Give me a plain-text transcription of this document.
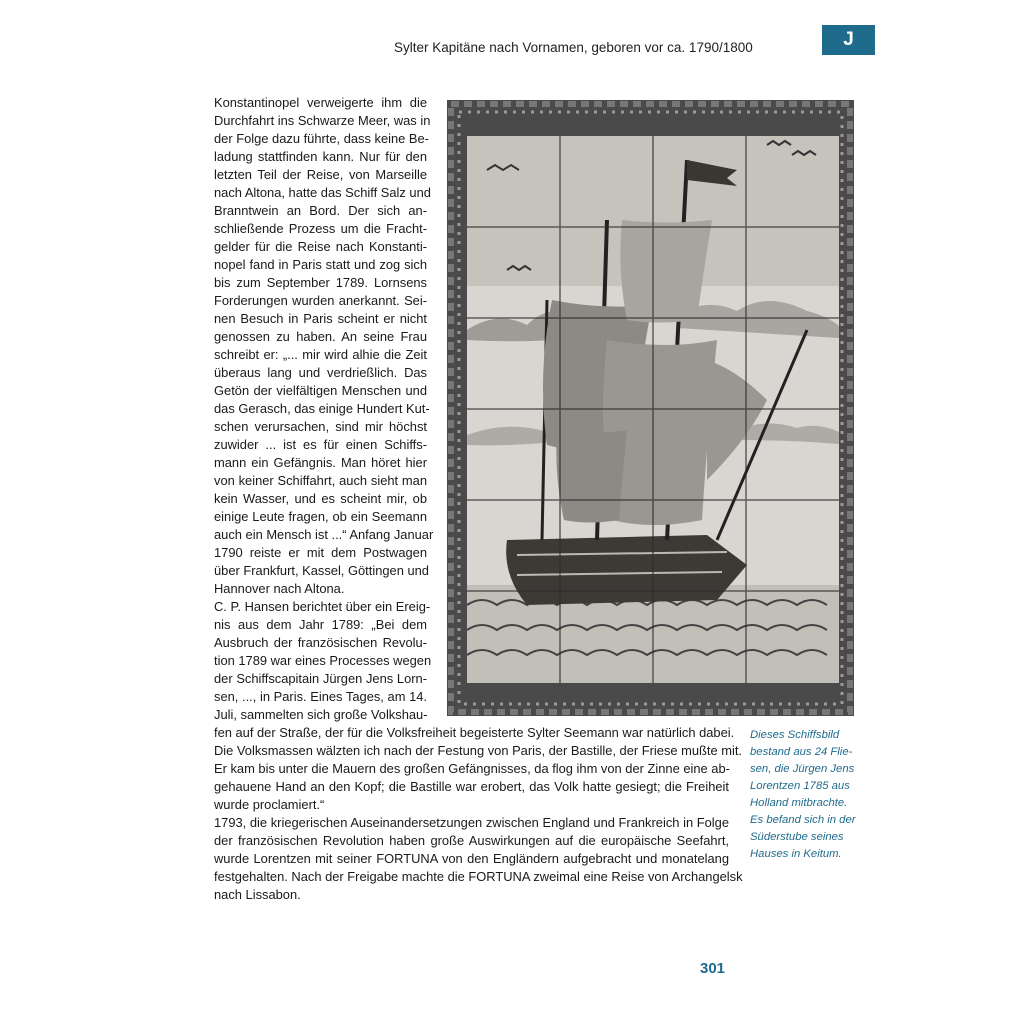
Sylter Kapitäne nach Vornamen, geboren vor ca. 1790/1800	J
Konstantinopel verweigerte ihm die
Durchfahrt ins Schwarze Meer, was in
der Folge dazu führte, dass keine Be-
ladung stattfinden kann. Nur für den
letzten Teil der Reise, von Marseille
nach Altona, hatte das Schiff Salz und
Branntwein an Bord. Der sich an-
schließende Prozess um die Fracht-
gelder für die Reise nach Konstanti-
nopel fand in Paris statt und zog sich
bis zum September 1789. Lornsens
Forderungen wurden anerkannt. Sei-
nen Besuch in Paris scheint er nicht
genossen zu haben. An seine Frau
schreibt er: „... mir wird alhie die Zeit
überaus lang und verdrießlich. Das
Getön der vielfältigen Menschen und
das Gerasch, das einige Hundert Kut-
schen verursachen, sind mir höchst
zuwider ... ist es für einen Schiffs-
mann ein Gefängnis. Man höret hier
von keiner Schiffahrt, auch sieht man
kein Wasser, und es scheint mir, ob
einige Leute fragen, ob ein Seemann
auch ein Mensch ist ...“ Anfang Januar
1790 reiste er mit dem Postwagen
über Frankfurt, Kassel, Göttingen und
Hannover nach Altona.
C. P. Hansen berichtet über ein Ereig-
nis aus dem Jahr 1789: „Bei dem
Ausbruch der französischen Revolu-
tion 1789 war eines Processes wegen
der Schiffscapitain Jürgen Jens Lorn-
sen, ..., in Paris. Eines Tages, am 14.
Juli, sammelten sich große Volkshau-
fen auf der Straße, der für die Volksfreiheit begeisterte Sylter Seemann war natürlich dabei.
Die Volksmassen wälzten ich nach der Festung von Paris, der Bastille, der Friese mußte mit.
Er kam bis unter die Mauern des großen Gefängnisses, da flog ihm von der Zinne eine ab-
gehauene Hand an den Kopf; die Bastille war erobert, das Volk hatte gesiegt; die Freiheit
wurde proclamiert.“
1793, die kriegerischen Auseinandersetzungen zwischen England und Frankreich in Folge
der französischen Revolution haben große Auswirkungen auf die europäische Seefahrt,
wurde Lorentzen mit seiner FORTUNA von den Engländern aufgebracht und monatelang
festgehalten. Nach der Freigabe machte die FORTUNA zweimal eine Reise von Archangelsk
nach Lissabon.
Dieses Schiffsbild
bestand aus 24 Flie-
sen, die Jürgen Jens
Lorentzen 1785 aus
Holland mitbrachte.
Es befand sich in der
Süderstube seines
Hauses in Keitum.
301
